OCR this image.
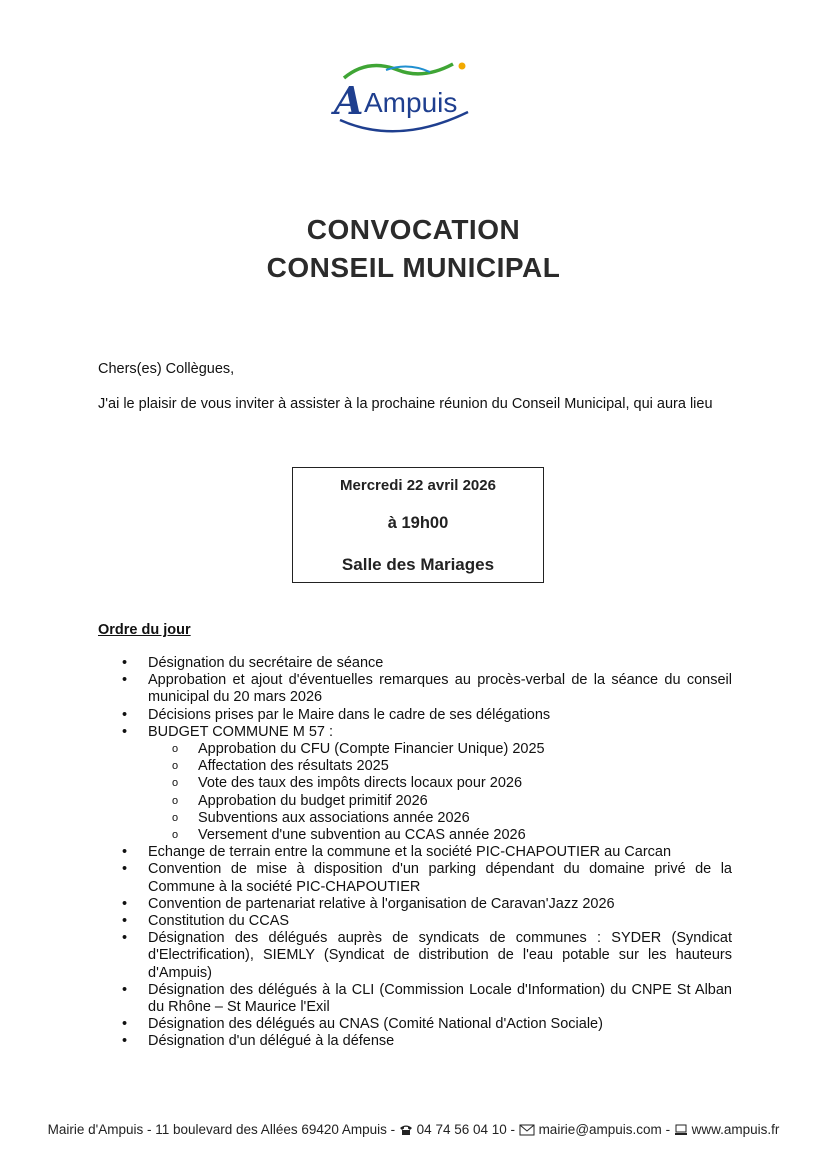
A Ampuis
CONVOCATION
CONSEIL MUNICIPAL
Chers(es) Collègues,
J'ai le plaisir de vous inviter à assister à la prochaine réunion du Conseil Municipal, qui aura lieu
Mercredi 22 avril 2026
à 19h00
Salle des Mariages
Ordre du jour
• Désignation du secrétaire de séance
• Approbation et ajout d'éventuelles remarques au procès-verbal de la séance du conseil municipal du 20 mars 2026
• Décisions prises par le Maire dans le cadre de ses délégations
• BUDGET COMMUNE M 57 :
o Approbation du CFU (Compte Financier Unique) 2025
o Affectation des résultats 2025
o Vote des taux des impôts directs locaux pour 2026
o Approbation du budget primitif 2026
o Subventions aux associations année 2026
o Versement d'une subvention au CCAS année 2026
• Echange de terrain entre la commune et la société PIC-CHAPOUTIER au Carcan
• Convention de mise à disposition d'un parking dépendant du domaine privé de la Commune à la société PIC-CHAPOUTIER
• Convention de partenariat relative à l'organisation de Caravan'Jazz 2026
• Constitution du CCAS
• Désignation des délégués auprès de syndicats de communes : SYDER (Syndicat d'Electrification), SIEMLY (Syndicat de distribution de l'eau potable sur les hauteurs d'Ampuis)
• Désignation des délégués à la CLI (Commission Locale d'Information) du CNPE St Alban du Rhône – St Maurice l'Exil
• Désignation des délégués au CNAS (Comité National d'Action Sociale)
• Désignation d'un délégué à la défense
Mairie d'Ampuis - 11 boulevard des Allées 69420 Ampuis - 04 74 56 04 10 - mairie@ampuis.com - www.ampuis.fr
